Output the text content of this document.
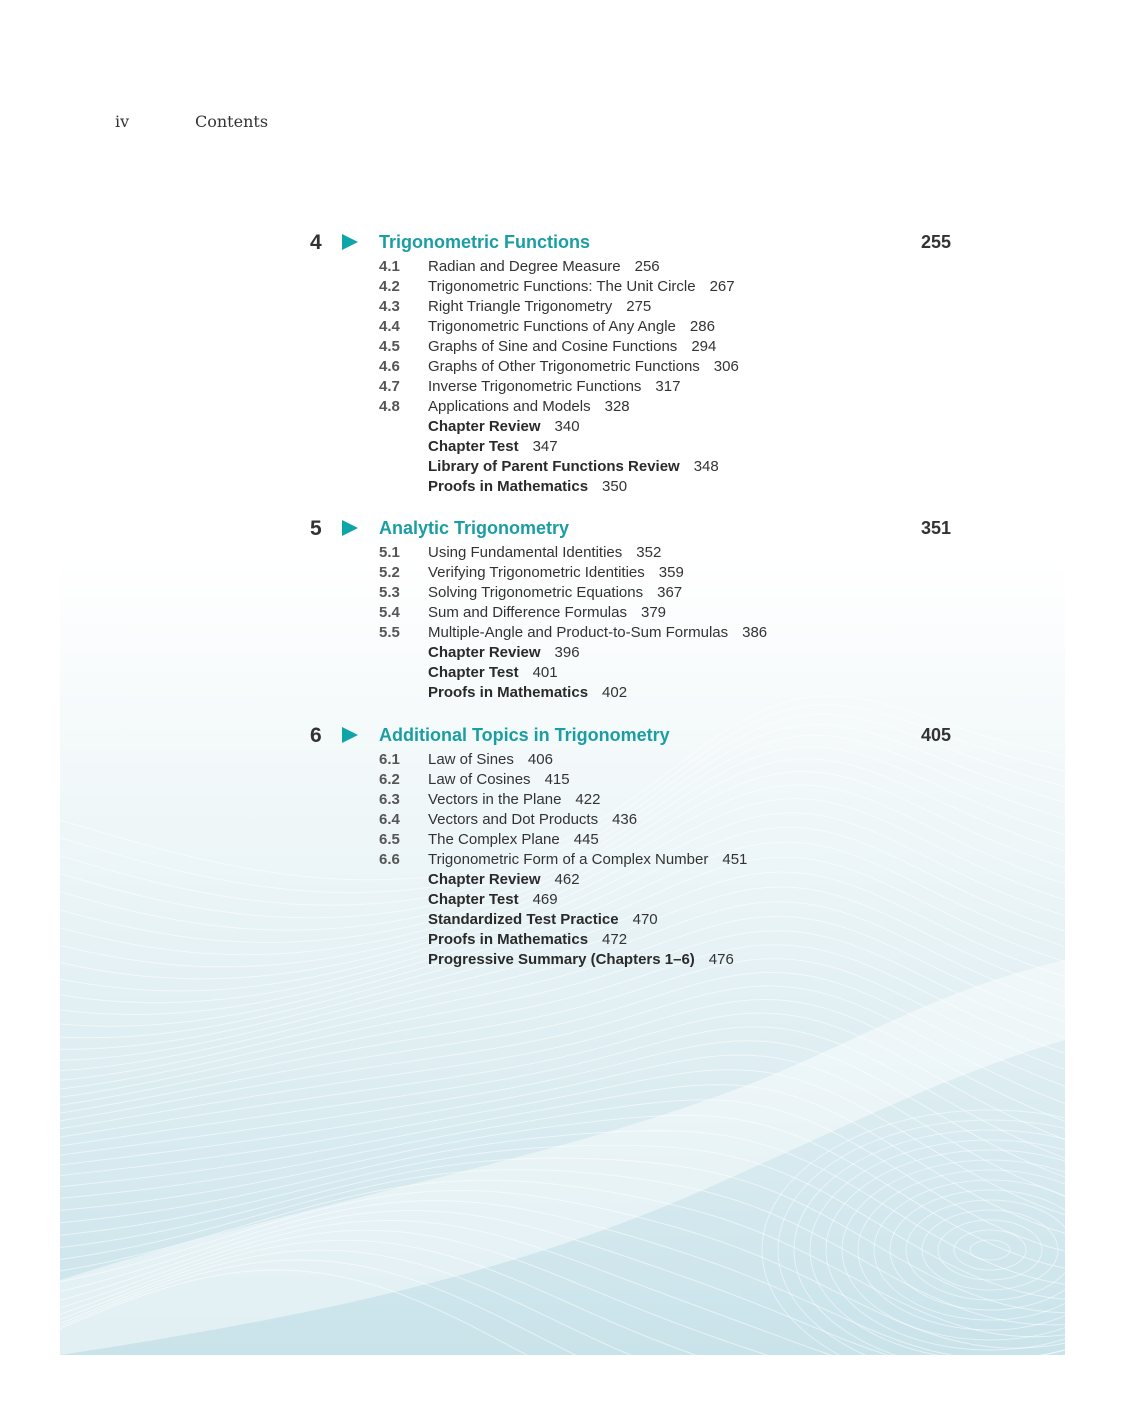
iv	Contents
4	Trigonometric Functions	255
4.1 Radian and Degree Measure 256
4.2 Trigonometric Functions: The Unit Circle 267
4.3 Right Triangle Trigonometry 275
4.4 Trigonometric Functions of Any Angle 286
4.5 Graphs of Sine and Cosine Functions 294
4.6 Graphs of Other Trigonometric Functions 306
4.7 Inverse Trigonometric Functions 317
4.8 Applications and Models 328
Chapter Review 340
Chapter Test 347
Library of Parent Functions Review 348
Proofs in Mathematics 350
5	Analytic Trigonometry	351
5.1 Using Fundamental Identities 352
5.2 Verifying Trigonometric Identities 359
5.3 Solving Trigonometric Equations 367
5.4 Sum and Difference Formulas 379
5.5 Multiple-Angle and Product-to-Sum Formulas 386
Chapter Review 396
Chapter Test 401
Proofs in Mathematics 402
6	Additional Topics in Trigonometry	405
6.1 Law of Sines 406
6.2 Law of Cosines 415
6.3 Vectors in the Plane 422
6.4 Vectors and Dot Products 436
6.5 The Complex Plane 445
6.6 Trigonometric Form of a Complex Number 451
Chapter Review 462
Chapter Test 469
Standardized Test Practice 470
Proofs in Mathematics 472
Progressive Summary (Chapters 1–6) 476
